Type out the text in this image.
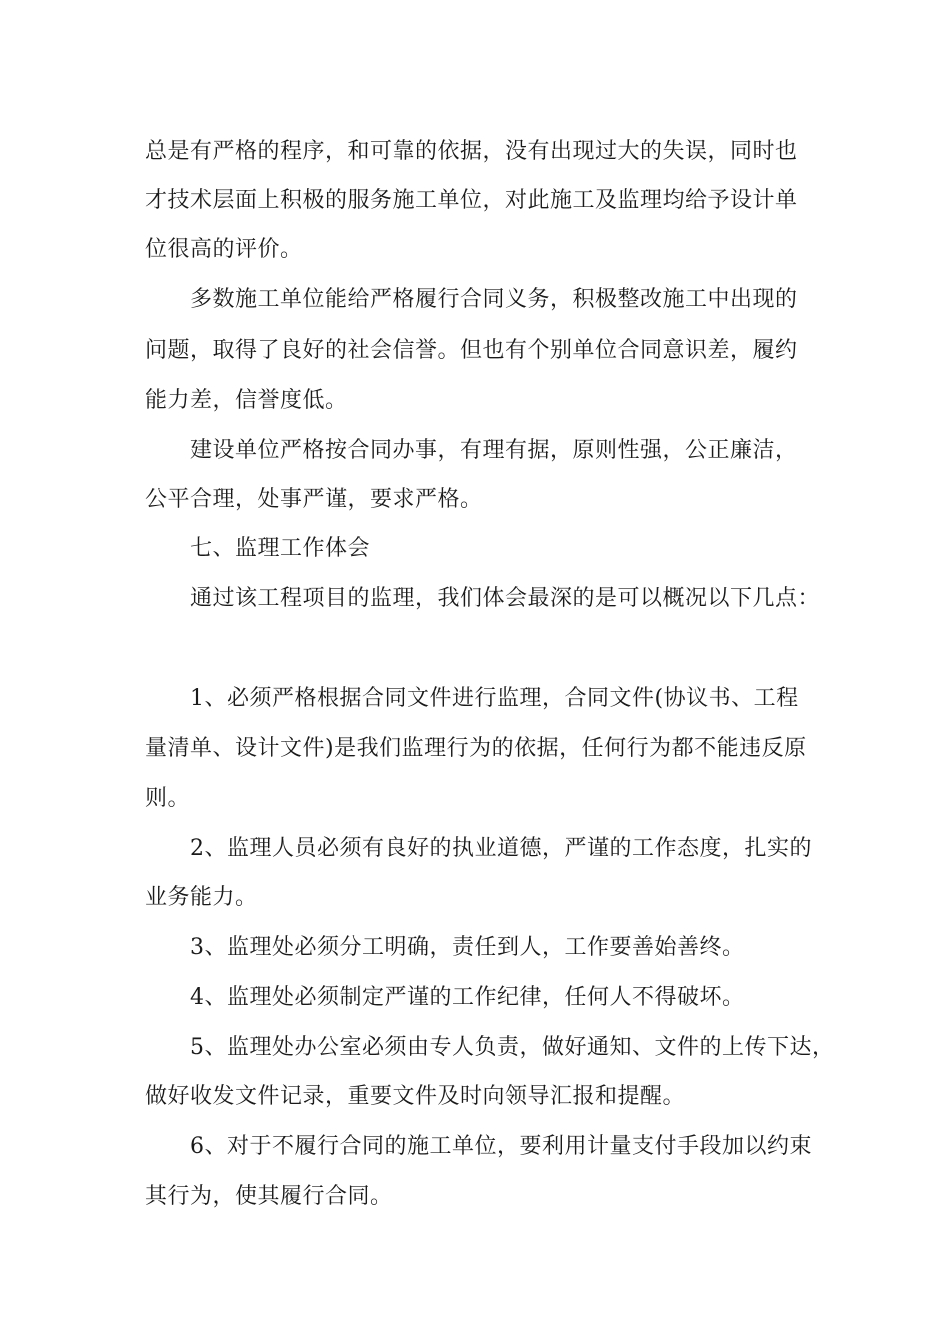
总是有严格的程序，和可靠的依据，没有出现过大的失误，同时也
才技术层面上积极的服务施工单位，对此施工及监理均给予设计单
位很高的评价。
多数施工单位能给严格履行合同义务，积极整改施工中出现的
问题，取得了良好的社会信誉。但也有个别单位合同意识差，履约
能力差，信誉度低。
建设单位严格按合同办事，有理有据，原则性强，公正廉洁，
公平合理，处事严谨，要求严格。
七、监理工作体会
通过该工程项目的监理，我们体会最深的是可以概况以下几点：
1、必须严格根据合同文件进行监理，合同文件(协议书、工程
量清单、设计文件)是我们监理行为的依据，任何行为都不能违反原
则。
2、监理人员必须有良好的执业道德，严谨的工作态度，扎实的
业务能力。
3、监理处必须分工明确，责任到人，工作要善始善终。
4、监理处必须制定严谨的工作纪律，任何人不得破坏。
5、监理处办公室必须由专人负责，做好通知、文件的上传下达，
做好收发文件记录，重要文件及时向领导汇报和提醒。
6、对于不履行合同的施工单位，要利用计量支付手段加以约束
其行为，使其履行合同。
